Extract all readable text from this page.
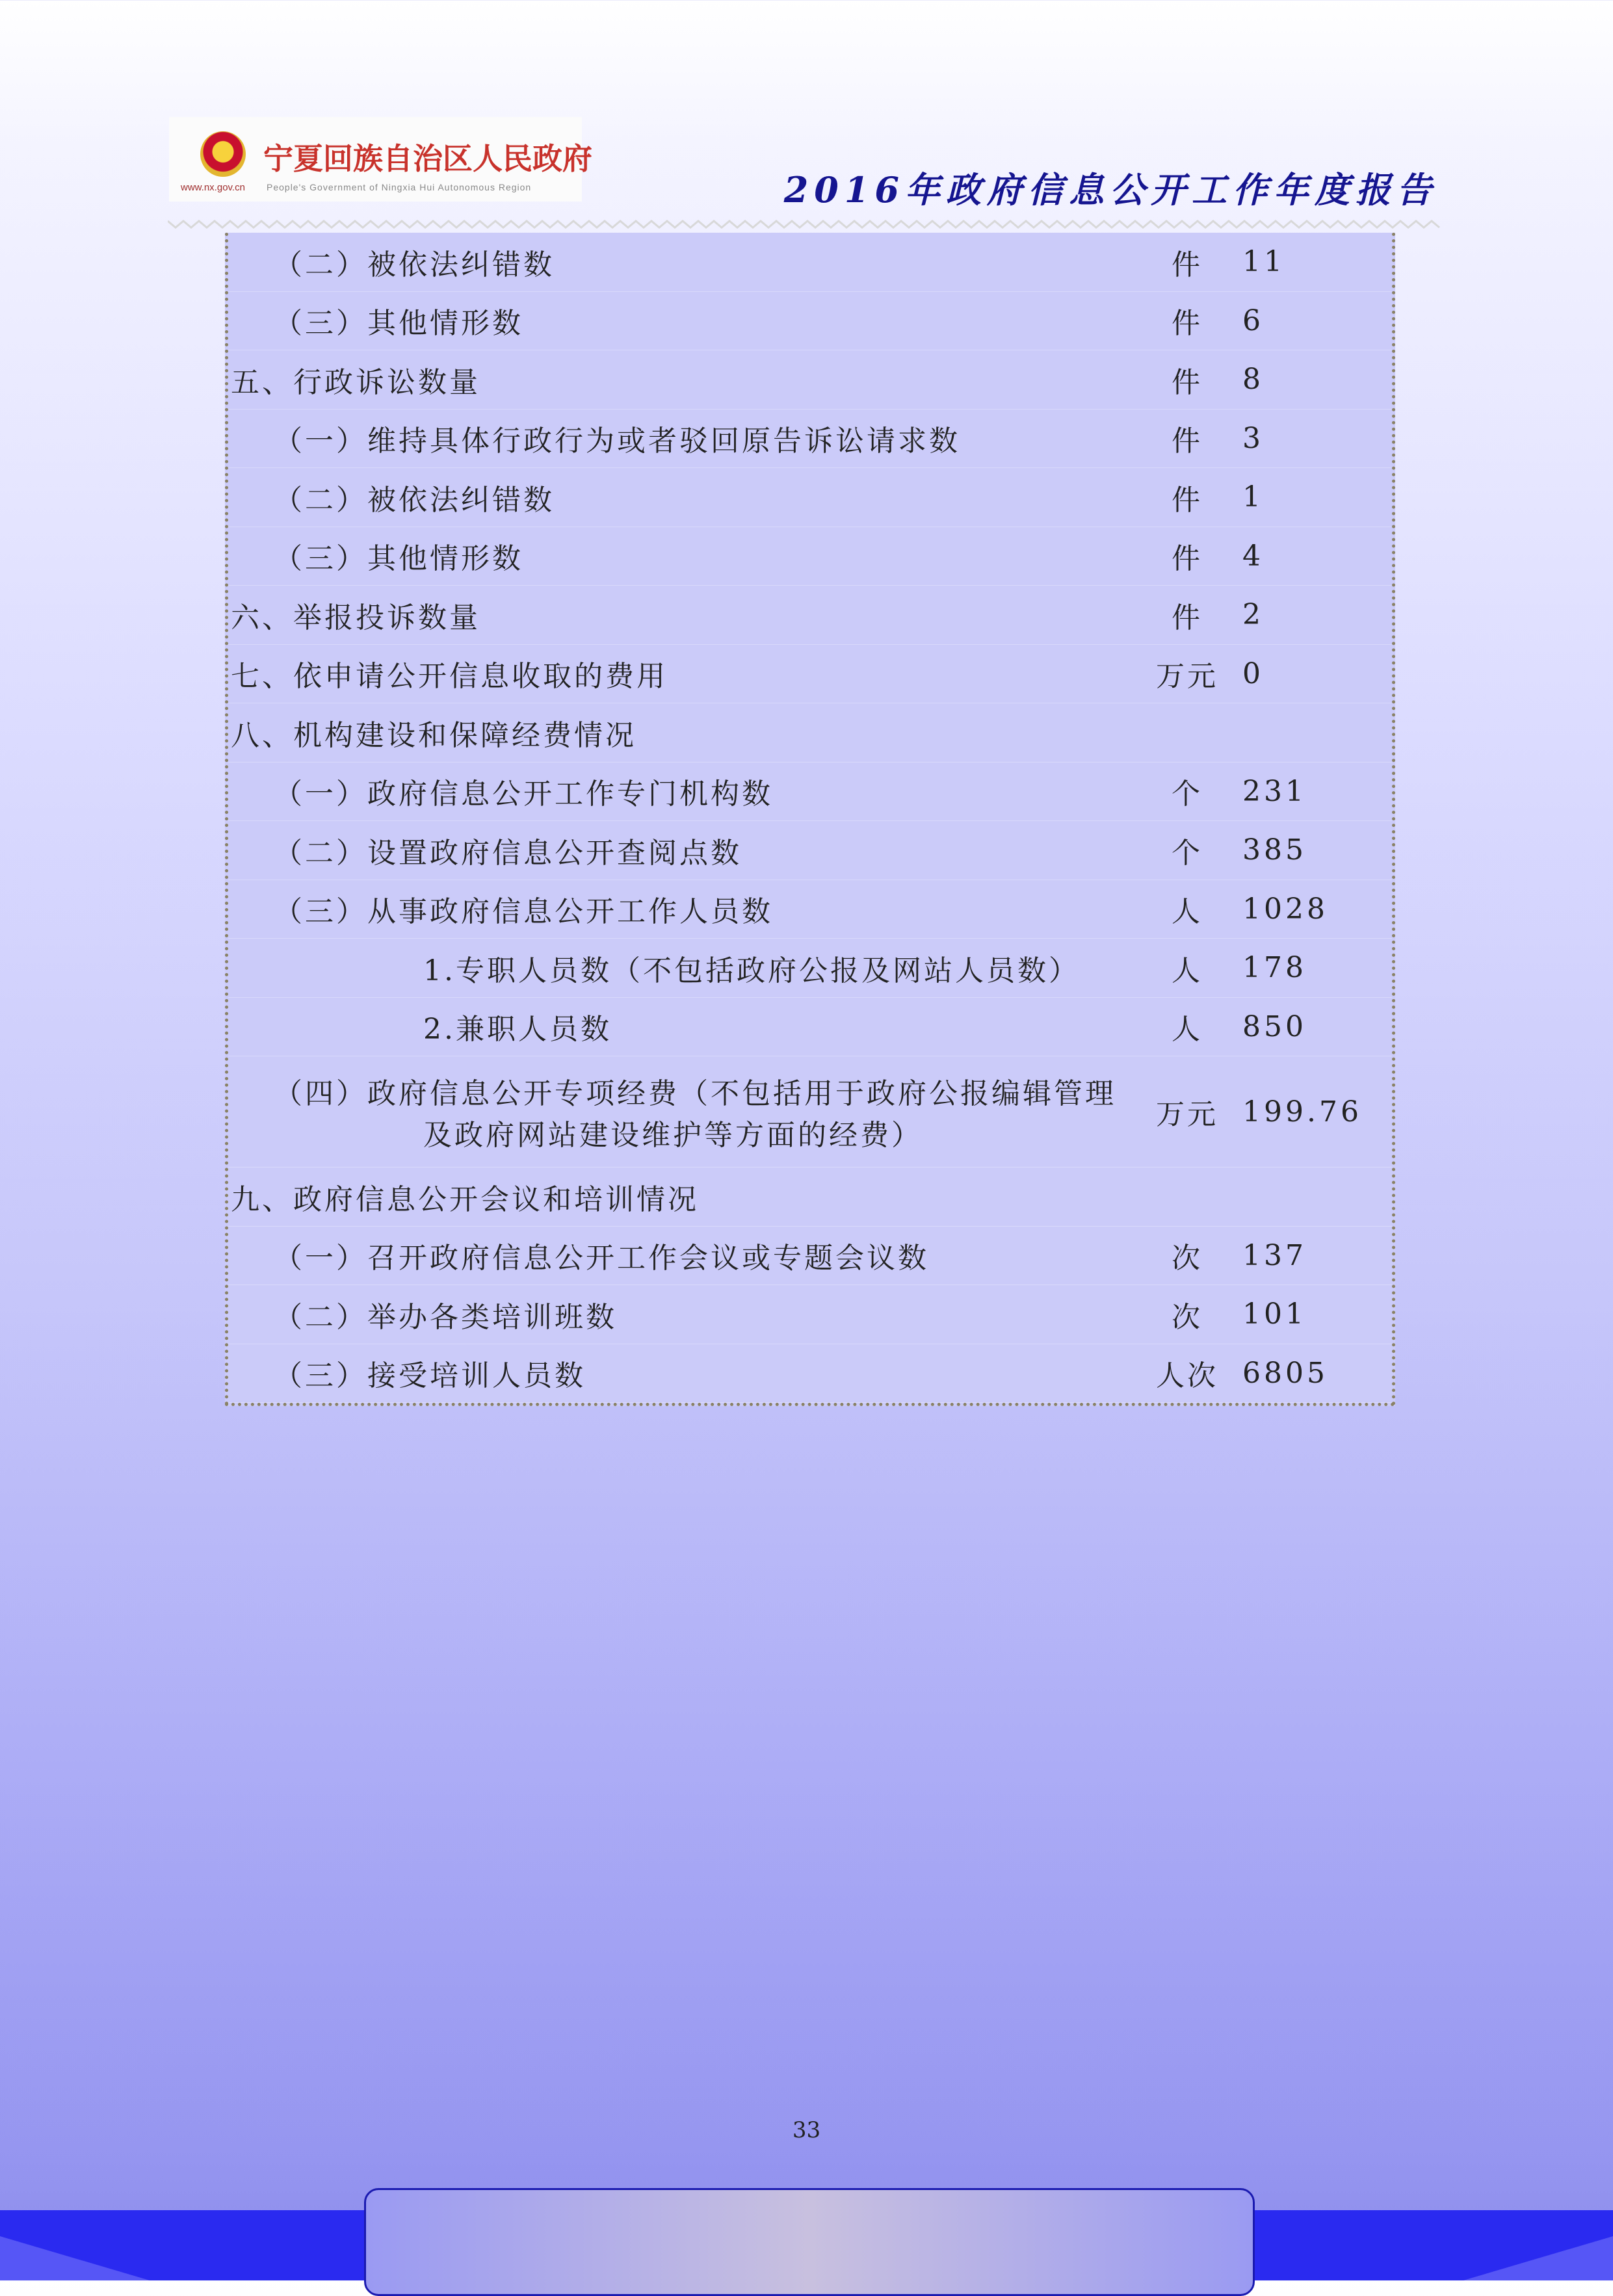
宁夏回族自治区人民政府
www.nx.gov.cn People's Government of Ningxia Hui Autonomous Region	2016年政府信息公开工作年度报告
（二）被依法纠错数	件	11
（三）其他情形数	件	6
五、行政诉讼数量	件	8
（一）维持具体行政行为或者驳回原告诉讼请求数	件	3
（二）被依法纠错数	件	1
（三）其他情形数	件	4
六、举报投诉数量	件	2
七、依申请公开信息收取的费用	万元	0
八、机构建设和保障经费情况		
（一）政府信息公开工作专门机构数	个	231
（二）设置政府信息公开查阅点数	个	385
（三）从事政府信息公开工作人员数	人	1028
1.专职人员数（不包括政府公报及网站人员数）	人	178
2.兼职人员数	人	850
（四）政府信息公开专项经费（不包括用于政府公报编辑管理
及政府网站建设维护等方面的经费）	万元	199.76
九、政府信息公开会议和培训情况		
（一）召开政府信息公开工作会议或专题会议数	次	137
（二）举办各类培训班数	次	101
（三）接受培训人员数	人次	6805
33
